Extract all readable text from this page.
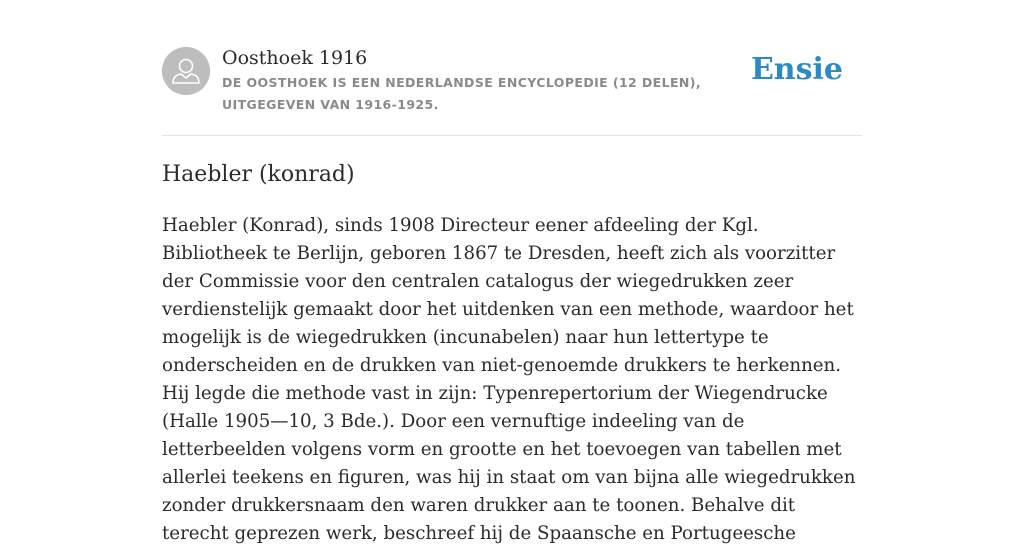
Oosthoek 1916
DE OOSTHOEK IS EEN NEDERLANDSE ENCYCLOPEDIE (12 DELEN), UITGEGEVEN VAN 1916-1925.
Ensie
Haebler (konrad)

Haebler (Konrad), sinds 1908 Directeur eener afdeeling der Kgl. Bibliotheek te Berlijn, geboren 1867 te Dresden, heeft zich als voorzitter der Commissie voor den centralen catalogus der wiegedrukken zeer verdienstelijk gemaakt door het uitdenken van een methode, waardoor het mogelijk is de wiegedrukken (incunabelen) naar hun lettertype te onderscheiden en de drukken van niet-genoemde drukkers te herkennen. Hij legde die methode vast in zijn: Typenrepertorium der Wiegendrucke (Halle 1905—10, 3 Bde.). Door een vernuftige indeeling van de letterbeelden volgens vorm en grootte en het toevoegen van tabellen met allerlei teekens en figuren, was hij in staat om van bijna alle wiegedrukken zonder drukkersnaam den waren drukker aan te toonen. Behalve dit terecht geprezen werk, beschreef hij de Spaansche en Portugeesche
